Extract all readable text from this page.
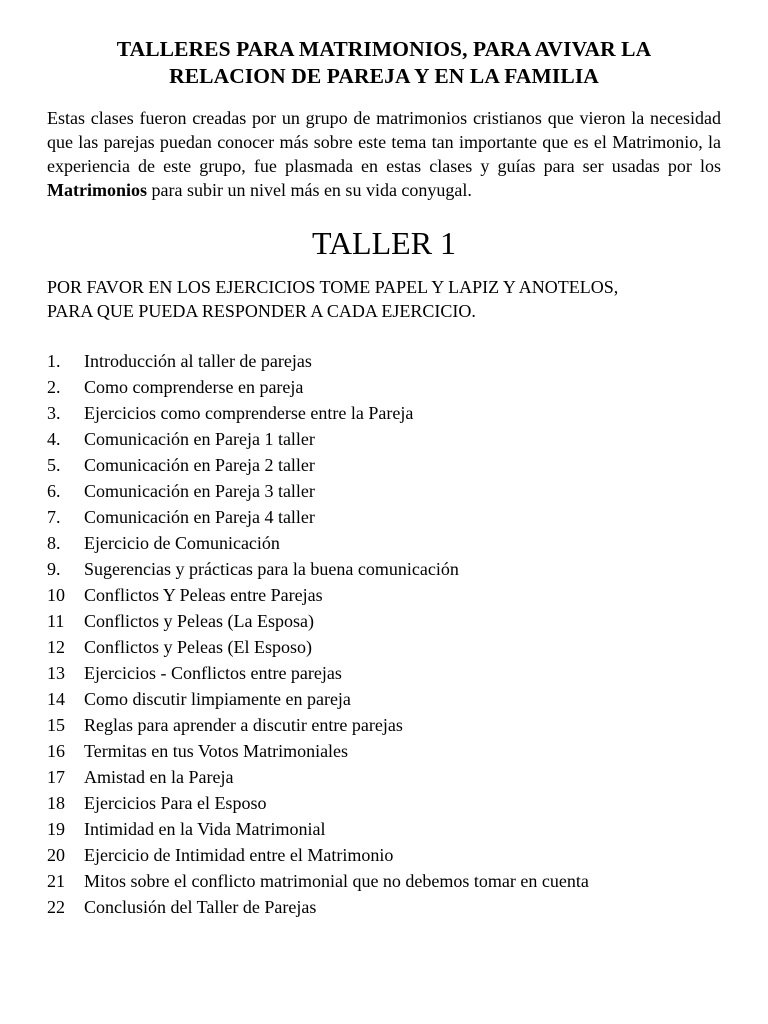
TALLERES PARA MATRIMONIOS, PARA AVIVAR LA
RELACION DE PAREJA Y EN LA FAMILIA

Estas clases fueron creadas por un grupo de matrimonios cristianos que vieron la necesidad que las parejas puedan conocer más sobre este tema tan importante que es el Matrimonio, la experiencia de este grupo, fue plasmada en estas clases y guías para ser usadas por los Matrimonios para subir un nivel más en su vida conyugal.

TALLER 1

POR FAVOR EN LOS EJERCICIOS TOME PAPEL Y LAPIZ Y ANOTELOS,
PARA QUE PUEDA RESPONDER A CADA EJERCICIO.

1.	Introducción al taller de parejas
2.	Como comprenderse en pareja
3.	Ejercicios como comprenderse entre la Pareja
4.	Comunicación en Pareja 1 taller
5.	Comunicación en Pareja 2 taller
6.	Comunicación en Pareja 3 taller
7.	Comunicación en Pareja 4 taller
8.	Ejercicio de Comunicación
9.	Sugerencias y prácticas para la buena comunicación
10	Conflictos Y Peleas entre Parejas
11	Conflictos y Peleas (La Esposa)
12	Conflictos y Peleas (El Esposo)
13	Ejercicios - Conflictos entre parejas
14	Como discutir limpiamente en pareja
15	Reglas para aprender a discutir entre parejas
16	Termitas en tus Votos Matrimoniales
17	Amistad en la Pareja
18	Ejercicios Para el Esposo
19	Intimidad en la Vida Matrimonial
20	Ejercicio de Intimidad entre el Matrimonio
21	Mitos sobre el conflicto matrimonial que no debemos tomar en cuenta
22	Conclusión del Taller de Parejas
